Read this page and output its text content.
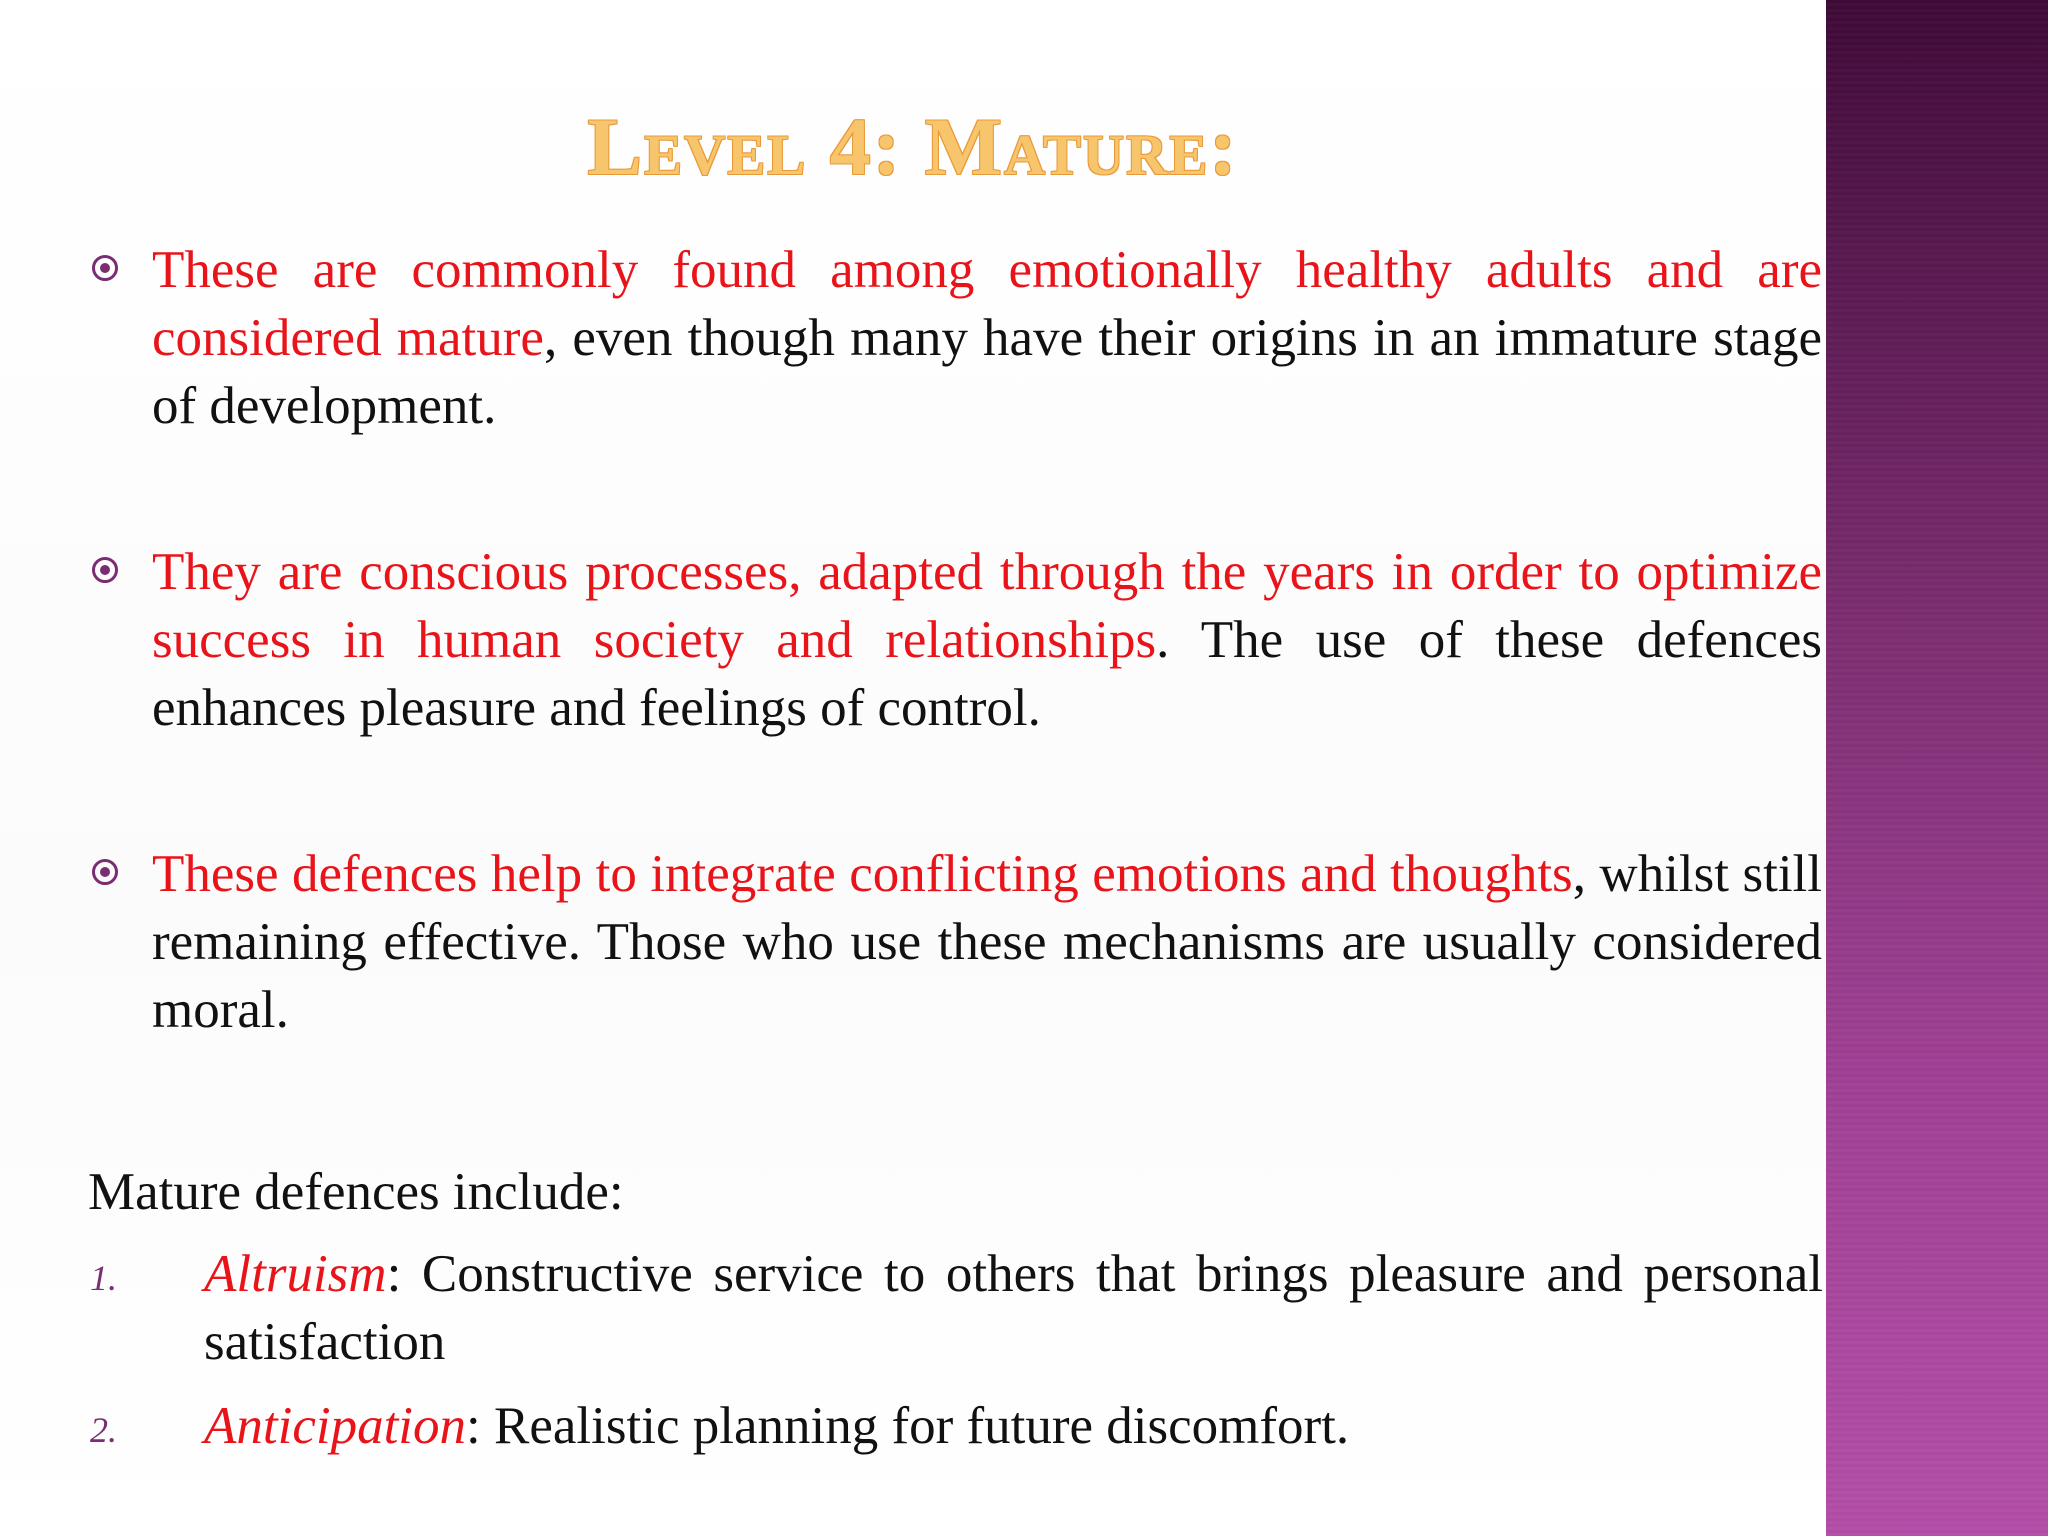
Level 4: Mature:
These are commonly found among emotionally healthy adults and are considered mature, even though many have their origins in an immature stage of development.
They are conscious processes, adapted through the years in order to optimize success in human society and relationships. The use of these defences enhances pleasure and feelings of control.
These defences help to integrate conflicting emotions and thoughts, whilst still remaining effective. Those who use these mechanisms are usually considered moral.
Mature defences include:
1. Altruism: Constructive service to others that brings pleasure and personal satisfaction
2. Anticipation: Realistic planning for future discomfort.
